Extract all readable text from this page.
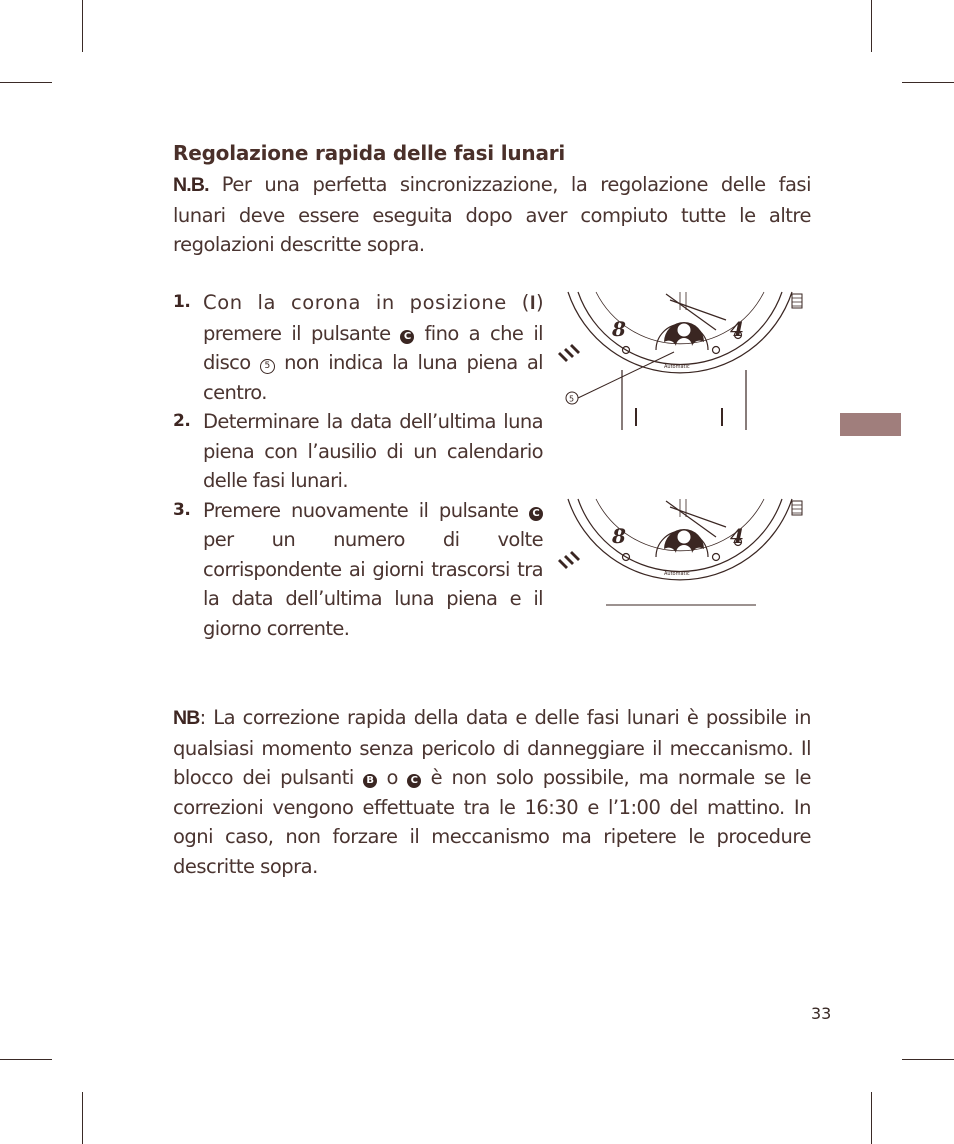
Regolazione rapida delle fasi lunari
N.B. Per una perfetta sincronizzazione, la regolazione delle fasi lunari deve essere eseguita dopo aver compiuto tutte le altre regolazioni descritte sopra.
1. Con la corona in posizione (I) premere il pulsante C fino a che il disco 5 non indica la luna piena al centro.
2. Determinare la data dell’ultima luna piena con l’ausilio di un calendario delle fasi lunari.
3. Premere nuovamente il pulsante C per un numero di volte corrispondente ai giorni trascorsi tra la data dell’ultima luna piena e il giorno corrente.
8	4
Automatic
5
8	4
Automatic
NB: La correzione rapida della data e delle fasi lunari è possibile in qualsiasi momento senza pericolo di danneggiare il meccanismo. Il blocco dei pulsanti B o C è non solo possibile, ma normale se le correzioni vengono effettuate tra le 16:30 e l’1:00 del mattino. In ogni caso, non forzare il meccanismo ma ripetere le procedure descritte sopra.
33
